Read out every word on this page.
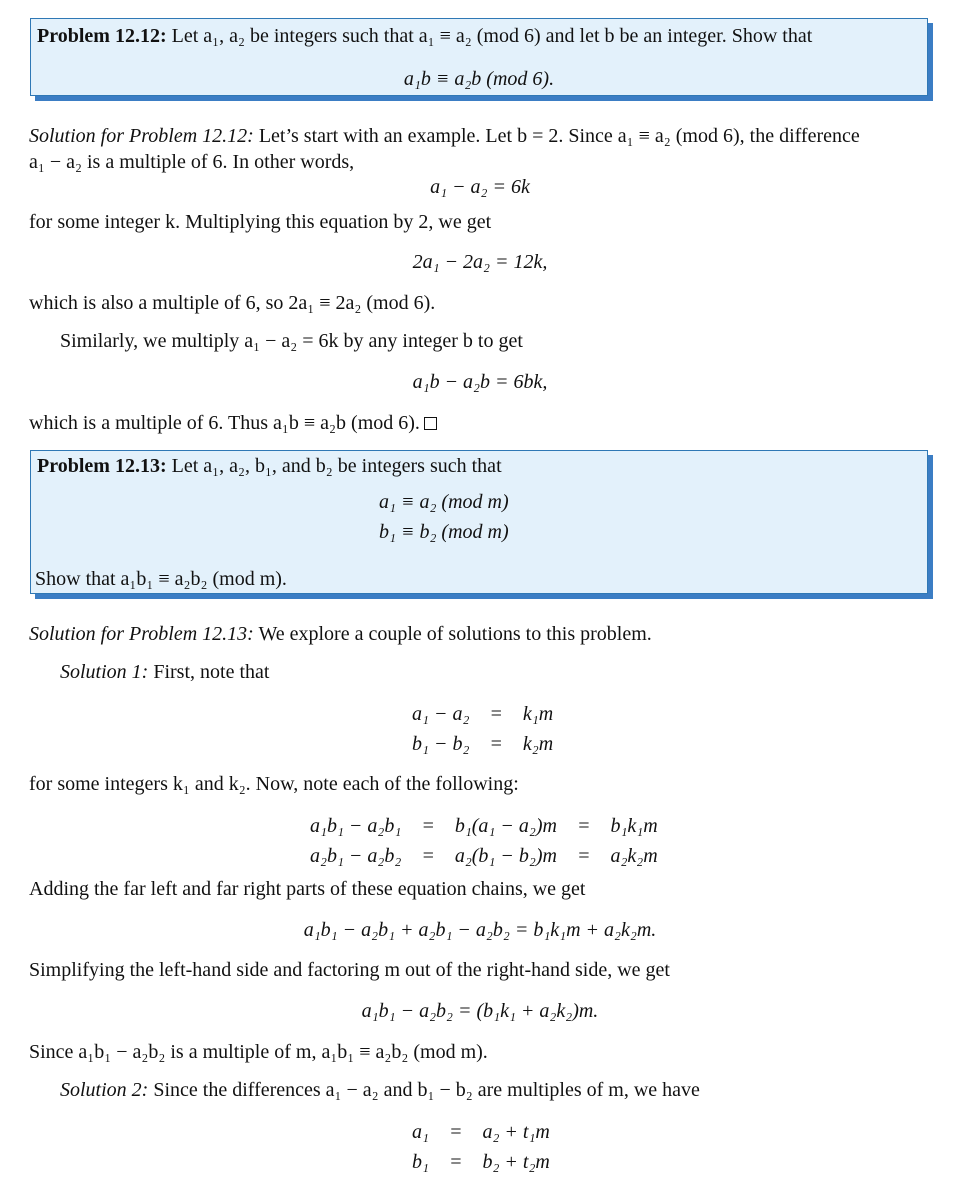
Problem 12.12: Let a₁, a₂ be integers such that a₁ ≡ a₂ (mod 6) and let b be an integer. Show that
a₁b ≡ a₂b (mod 6).
Solution for Problem 12.12: Let’s start with an example. Let b = 2. Since a₁ ≡ a₂ (mod 6), the difference
a₁ − a₂ is a multiple of 6. In other words,
a₁ − a₂ = 6k
for some integer k. Multiplying this equation by 2, we get
2a₁ − 2a₂ = 12k,
which is also a multiple of 6, so 2a₁ ≡ 2a₂ (mod 6).
Similarly, we multiply a₁ − a₂ = 6k by any integer b to get
a₁b − a₂b = 6bk,
which is a multiple of 6. Thus a₁b ≡ a₂b (mod 6).
Problem 12.13: Let a₁, a₂, b₁, and b₂ be integers such that
a₁ ≡ a₂ (mod m)
b₁ ≡ b₂ (mod m)
Show that a₁b₁ ≡ a₂b₂ (mod m).
Solution for Problem 12.13: We explore a couple of solutions to this problem.
Solution 1: First, note that
a₁ − a₂	=	k₁m
b₁ − b₂	=	k₂m
for some integers k₁ and k₂. Now, note each of the following:
a₁b₁ − a₂b₁	=	b₁(a₁ − a₂)m	=	b₁k₁m
a₂b₁ − a₂b₂	=	a₂(b₁ − b₂)m	=	a₂k₂m
Adding the far left and far right parts of these equation chains, we get
a₁b₁ − a₂b₁ + a₂b₁ − a₂b₂ = b₁k₁m + a₂k₂m.
Simplifying the left-hand side and factoring m out of the right-hand side, we get
a₁b₁ − a₂b₂ = (b₁k₁ + a₂k₂)m.
Since a₁b₁ − a₂b₂ is a multiple of m, a₁b₁ ≡ a₂b₂ (mod m).
Solution 2: Since the differences a₁ − a₂ and b₁ − b₂ are multiples of m, we have
a₁	=	a₂ + t₁m
b₁	=	b₂ + t₂m
